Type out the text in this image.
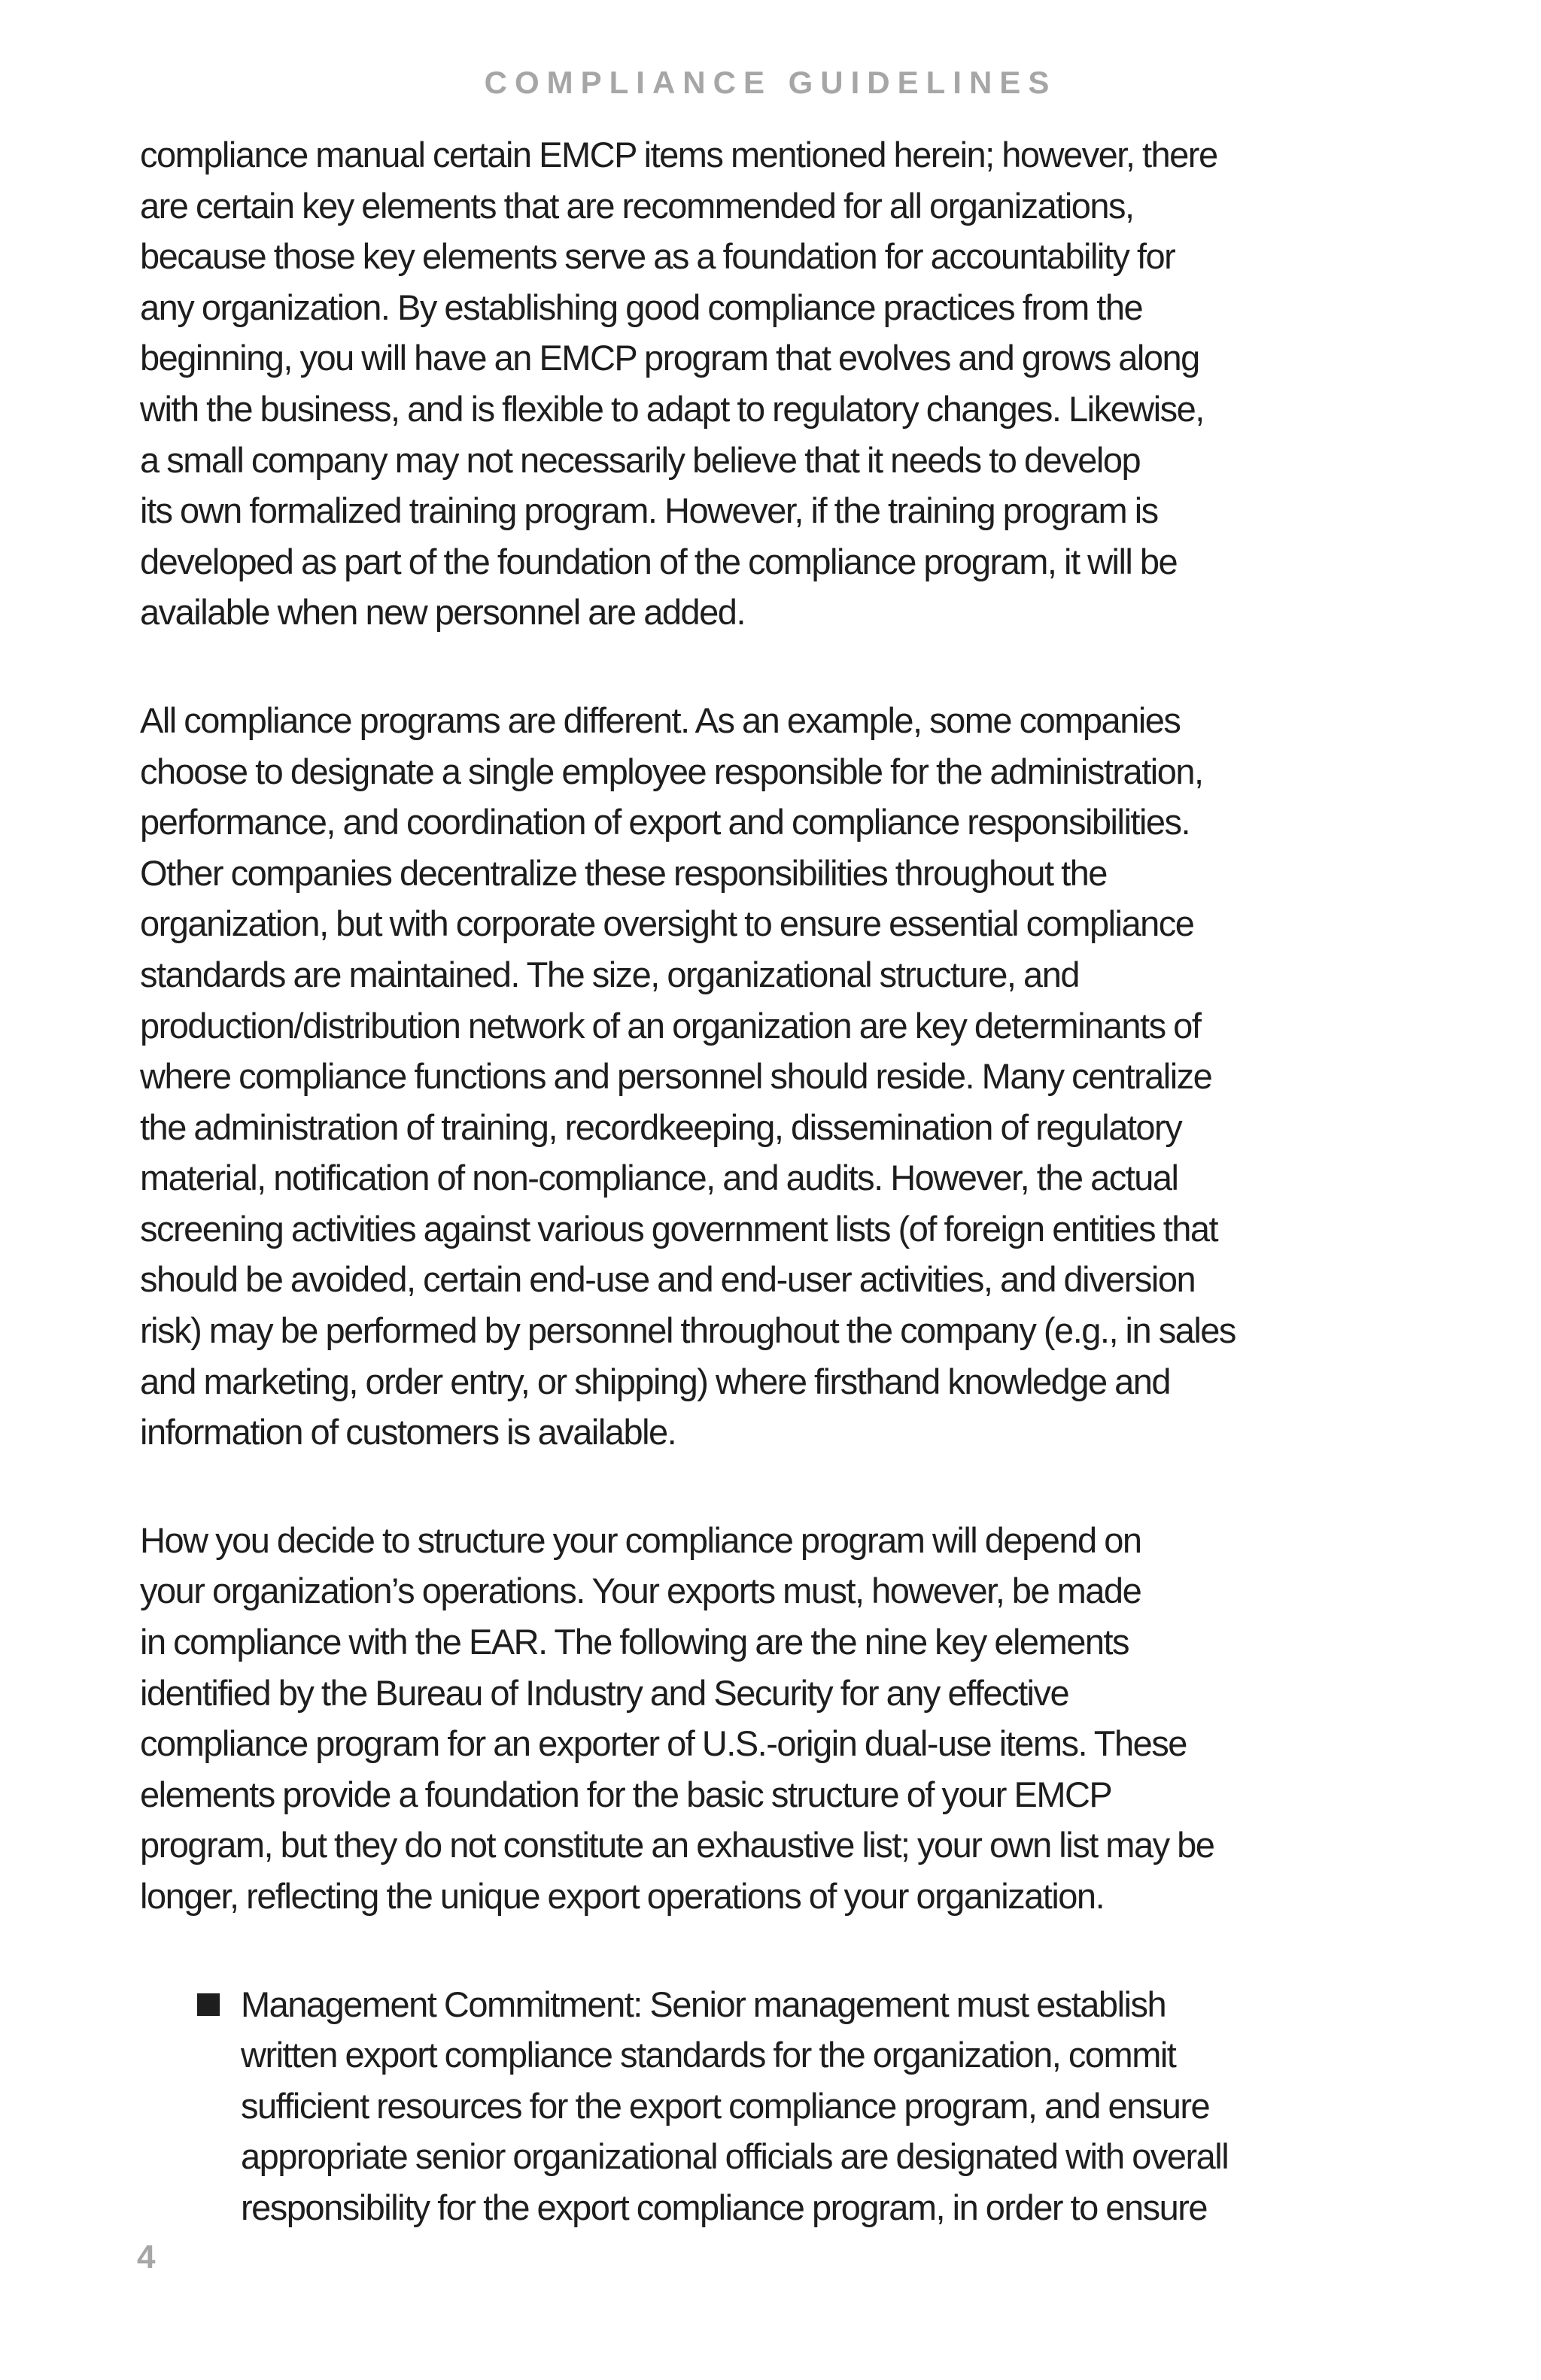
COMPLIANCE GUIDELINES
compliance manual certain EMCP items mentioned herein; however, there
are certain key elements that are recommended for all organizations,
because those key elements serve as a foundation for accountability for
any organization. By establishing good compliance practices from the
beginning, you will have an EMCP program that evolves and grows along
with the business, and is flexible to adapt to regulatory changes. Likewise,
a small company may not necessarily believe that it needs to develop
its own formalized training program. However, if the training program is
developed as part of the foundation of the compliance program, it will be
available when new personnel are added.
All compliance programs are different. As an example, some companies
choose to designate a single employee responsible for the administration,
performance, and coordination of export and compliance responsibilities.
Other companies decentralize these responsibilities throughout the
organization, but with corporate oversight to ensure essential compliance
standards are maintained. The size, organizational structure, and
production/distribution network of an organization are key determinants of
where compliance functions and personnel should reside. Many centralize
the administration of training, recordkeeping, dissemination of regulatory
material, notification of non-compliance, and audits. However, the actual
screening activities against various government lists (of foreign entities that
should be avoided, certain end-use and end-user activities, and diversion
risk) may be performed by personnel throughout the company (e.g., in sales
and marketing, order entry, or shipping) where firsthand knowledge and
information of customers is available.
How you decide to structure your compliance program will depend on
your organization’s operations. Your exports must, however, be made
in compliance with the EAR. The following are the nine key elements
identified by the Bureau of Industry and Security for any effective
compliance program for an exporter of U.S.-origin dual-use items. These
elements provide a foundation for the basic structure of your EMCP
program, but they do not constitute an exhaustive list; your own list may be
longer, reflecting the unique export operations of your organization.
Management Commitment: Senior management must establish
written export compliance standards for the organization, commit
sufficient resources for the export compliance program, and ensure
appropriate senior organizational officials are designated with overall
responsibility for the export compliance program, in order to ensure
4
